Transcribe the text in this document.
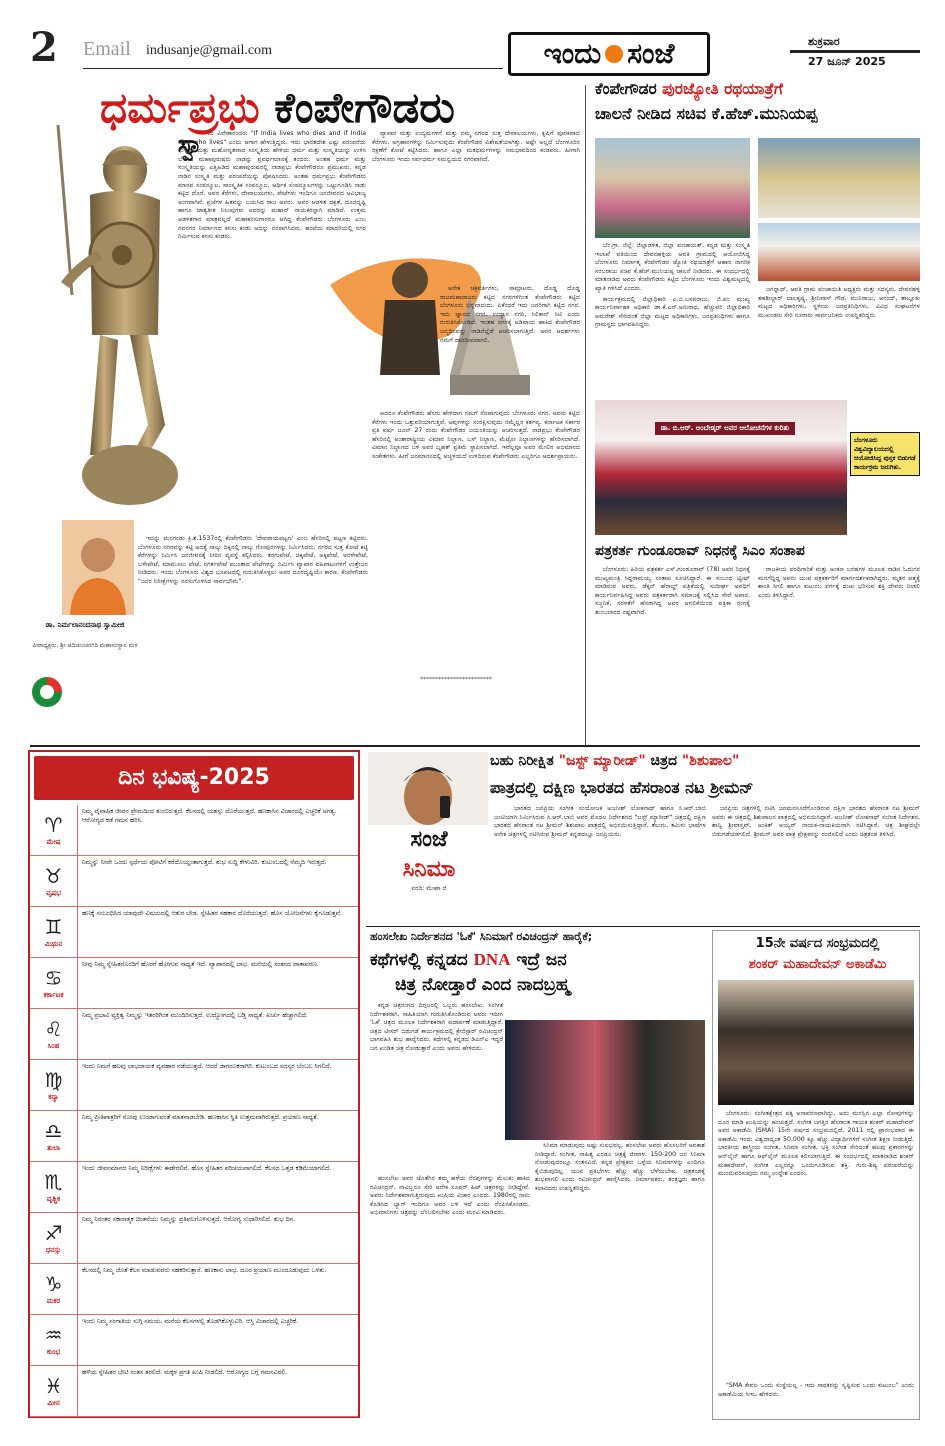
2 Email indusanje@gmail.com	ಇಂದು ಸಂಜೆ	ಶುಕ್ರವಾರ
27 ಜೂನ್ 2025
ಧರ್ಮಪ್ರಭು ಕೆಂಪೇಗೌಡರು
ಸ್ವಾ ಮಿ ವಿವೇಕಾನಂದರು "If India lives who dies and if India dies who lives" ಎಂದು ಆಗಾಗ ಹೇಳುತ್ತಿದ್ದರು. ಇದು ಭಾರತದೇಶ ಎಷ್ಟು ಪರಂಪರೆಯ ಉಳ್ಳದ್ದು ಮತ್ತು ಮಹೋನ್ನತವಾದ ಸಂಸ್ಕೃತಿಯ ಹೇಳಿಯ ಧರ್ಮ ಮತ್ತು ಸಂಸ್ಕೃತಿಯನ್ನು ಉಳಿಸಿ ಬೆಳೆಸಿದ ಮಹಾಪುರುಷರು ನಾಡನ್ನು ಪ್ರವರ್ಧಮಾನಕ್ಕೆ ತಂದರು. ಅಂತಹ ಧರ್ಮ ಮತ್ತು ಸಂಸ್ಕೃತಿಯನ್ನು ಎತ್ತಿಹಿಡಿದ ಮಹಾಪುರುಷರಲ್ಲಿ ನಾಡಪ್ರಭು ಕೆಂಪೇಗೌಡರೂ ಪ್ರಮುಖರು. ಕನ್ನಡ ನಾಡಿನ ಸಂಸ್ಕೃತಿ ಮತ್ತು ಪರಂಪರೆಯನ್ನು ಪೋಷಿಸಿದರು. ಅಂತಹ ಧರ್ಮಪ್ರಭು ಕೆಂಪೇಗೌಡರು ಮಾನವ ಸಂಪನ್ಮೂಲ, ಸಾಂಸ್ಕೃತಿಕ ಸಂಪನ್ಮೂಲ, ಆರ್ಥಿಕ ಸಂಪನ್ಮೂಲಗಳನ್ನು ಒಟ್ಟುಗೂಡಿಸಿ ನಾಡು ಕಟ್ಟಿದ ದೊರೆ. ಅವರ ಕೆರೆಗಳು, ದೇವಾಲಯಗಳು, ಪೇಟೆಗಳು ಇಂದಿಗೂ ಜನಜೀವನದ ಅವಿಭಾಜ್ಯ ಅಂಗವಾಗಿವೆ. ಪ್ರಜೆಗಳ ಹಿತವನ್ನು ಬಯಸಿದ ರಾಜ ಅವರು. ಅವರ ಆಡಳಿತ ದಕ್ಷತೆ, ದೂರದೃಷ್ಟಿ ಹಾಗೂ ಜಾತ್ಯತೀತ ನಿಲುವುಗಳು ಅವರನ್ನು ಮಹಾನ್ ನಾಯಕರನ್ನಾಗಿ ಮಾಡಿವೆ. ಉತ್ತಮ ಆಡಳಿತಗಾರ ಮಾತ್ರವಲ್ಲದೆ ಮಹಾಕನಸುಗಾರರೂ ಆಗಿದ್ದ ಕೆಂಪೇಗೌಡರು ಬೆಂಗಳೂರು ಎಂಬ ನವನಗರ ನಿರ್ಮಾಣದ ಕನಸು ಕಂಡು ಅದನ್ನು ನನಸಾಗಿಸಿದರು. ಹಂಪೆಯ ಮಾದರಿಯಲ್ಲಿ ನಗರ ನಿರ್ಮಿಸುವ ಕನಸು ಕಂಡರು.

ಇದನ್ನು ಮನಗಂಡು ಕ್ರಿ.ಶ.1537ರಲ್ಲಿ ಕೆಂಪೇಗೌಡರು 'ದೇವರಾಯಪಟ್ಟಣ' ಎಂಬ ಹೆಸರಿನಲ್ಲಿ ಪಟ್ಟಣ ಕಟ್ಟಿದರು. ಬೆಂಗಳೂರು ನಗರವನ್ನು ಕಟ್ಟಿ ಅದಕ್ಕೆ ನಾಲ್ಕು ದಿಕ್ಕಿನಲ್ಲಿ ನಾಲ್ಕು ಗೋಪುರಗಳನ್ನು ನಿರ್ಮಿಸಿದರು. ನಗರದ ಸುತ್ತ ಕೋಟೆ ಕಟ್ಟಿ ಕೆರೆಗಳನ್ನು ನಿರ್ಮಿಸಿ ಜನಜೀವನಕ್ಕೆ ನೀರಿನ ವ್ಯವಸ್ಥೆ ಕಲ್ಪಿಸಿದರು. ತರಗುಪೇಟೆ, ಚಿಕ್ಕಪೇಟೆ, ಅಕ್ಕಿಪೇಟೆ, ಅರಳೇಪೇಟೆ, ಬಳೇಪೇಟೆ, ಮಾಮೂಲು ಪೇಟೆ, ನಗರ್ತಪೇಟೆ ಮುಂತಾದ ಪೇಟೆಗಳನ್ನು ನಿರ್ಮಿಸಿ ವ್ಯಾಪಾರ ವಹಿವಾಟುಗಳಿಗೆ ಉತ್ತೇಜನ ನೀಡಿದರು. ಇಂದು ಬೆಂಗಳೂರು ವಿಶ್ವದ ಭೂಪಟದಲ್ಲಿ ಗುರುತಿಸಿಕೊಳ್ಳಲು ಅವರ ದೂರದೃಷ್ಟಿಯೇ ಕಾರಣ. ಕೆಂಪೇಗೌಡರು "ಜನರ ನಿರೀಕ್ಷೆಗಳನ್ನು ನನಸುಗೊಳಿಸಿದ ಸಾರ್ವಭೌಮ".

ವ್ಯಾಪಾರ ಮತ್ತು ಉದ್ಯಮಗಳಿಗೆ ಮತ್ತು ನಮ್ಮ ನಗರದ ಸುತ್ತ ದೇವಾಲಯಗಳು, ಕೃಷಿಗೆ ಪೂರಕವಾದ ಕೆರೆಗಳು, ಅಗ್ರಹಾರಗಳನ್ನು ನಿರ್ಮಿಸುವುದು ಕೆಂಪೇಗೌಡರ ವಿಶೇಷತೆಯಾಗಿತ್ತು. ಅಷ್ಟೇ ಅಲ್ಲದೆ ಬೆಂಗಳೂರಿನ ರಕ್ಷಣೆಗೆ ಕೋಟೆ ಕಟ್ಟಿಸಿದರು. ಹಾಗೂ ಎಲ್ಲಾ ಮತಧರ್ಮಗಳನ್ನು ಸಮಭಾವದಿಂದ ಕಂಡವರು. ಹೀಗಾಗಿ ಬೆಂಗಳೂರು ಇಂದು ಸರ್ವಧರ್ಮ ಸಮನ್ವಯದ ನಗರವಾಗಿದೆ.

ಅನೇಕ ಚಕ್ರವರ್ತಿಗಳು, ಸಾಮ್ರಾಟರು, ದೊಡ್ಡ ದೊಡ್ಡ ರಾಜಮಹಾರಾಜರು ಕಟ್ಟಿದ ನಗರಗಳಿಗಿಂತ ಕೆಂಪೇಗೌಡರು ಕಟ್ಟಿದ ಬೆಂಗಳೂರು ಭಿನ್ನವಾದುದು. ಏಕೆಂದರೆ ಇದು ಜನರಿಗಾಗಿ ಕಟ್ಟಿದ ನಗರ. ಇದು ಜ್ಞಾನದ ನಗರ, ಉದ್ಯಾನ ನಗರಿ, ಸಿಲಿಕಾನ್ ಸಿಟಿ ಎಂದು ಗುರುತಿಸಿಕೊಂಡಿದೆ. ಇಂತಹ ನಗರಕ್ಕೆ ಅಡಿಪಾಯ ಹಾಕಿದ ಕೆಂಪೇಗೌಡರ ಜನ್ಮದಿನವನ್ನು ನಾಡಿನೆಲ್ಲೆಡೆ ಆಚರಿಸಲಾಗುತ್ತಿದೆ. ಅವರ ಆದರ್ಶಗಳು ನಮಗೆ ದಾರಿದೀಪವಾಗಲಿ.

ಆದರೂ ಕೆಂಪೇಗೌಡರು ಹೆಸರು ಹೇಳಿದಾಗ ನಮಗೆ ನೆನಪಾಗುವುದು ಬೆಂಗಳೂರು ನಗರ. ಅವರು ಕಟ್ಟಿದ ಕೆರೆಗಳು ಇಂದು ಒತ್ತುವರಿಯಾಗುತ್ತಿವೆ. ಅವುಗಳನ್ನು ಸಂರಕ್ಷಿಸುವುದು ನಮ್ಮೆಲ್ಲರ ಕರ್ತವ್ಯ. ಕರ್ನಾಟಕ ಸರ್ಕಾರ ಪ್ರತಿ ವರ್ಷ ಜೂನ್ 27 ರಂದು ಕೆಂಪೇಗೌಡರ ಜಯಂತಿಯನ್ನು ಆಚರಿಸುತ್ತದೆ. ನಾಡಪ್ರಭು ಕೆಂಪೇಗೌಡರ ಹೆಸರಿನಲ್ಲಿ ಅಂತಾರಾಷ್ಟ್ರೀಯ ವಿಮಾನ ನಿಲ್ದಾಣ, ಬಸ್ ನಿಲ್ದಾಣ, ಮೆಟ್ರೋ ನಿಲ್ದಾಣಗಳನ್ನು ಹೆಸರಿಸಲಾಗಿದೆ. ವಿಮಾನ ನಿಲ್ದಾಣದ ಬಳಿ ಅವರ ಬೃಹತ್ ಪ್ರತಿಮೆ ಸ್ಥಾಪಿಸಲಾಗಿದೆ. ಇವೆಲ್ಲವೂ ಅವರ ಮೇಲಿನ ಅಭಿಮಾನದ ಸಂಕೇತಗಳು. ಹೀಗೆ ಜನಮಾನಸದಲ್ಲಿ ಅಚ್ಚಳಿಯದೆ ಉಳಿದಿರುವ ಕೆಂಪೇಗೌಡರು ಎಲ್ಲರಿಗೂ ಆದರ್ಶಪ್ರಾಯರು.

************************
ಡಾ. ನಿರ್ಮಲಾನಂದನಾಥ ಸ್ವಾಮೀಜಿ
ಪೀಠಾಧ್ಯಕ್ಷರು, ಶ್ರೀ ಆದಿಚುಂಚನಗಿರಿ ಮಹಾಸಂಸ್ಥಾನ ಮಠ
ಕೆಂಪೇಗೌಡರ ಪುರಜ್ಯೋತಿ ರಥಯಾತ್ರೆಗೆ
ಚಾಲನೆ ನೀಡಿದ ಸಚಿವ ಕೆ.ಹೆಚ್.ಮುನಿಯಪ್ಪ

ಬೆಂ.ಗ್ರಾ. ಜಿಲ್ಲೆ: ಜಿಲ್ಲಾಡಳಿತ, ಜಿಲ್ಲಾ ಪಂಚಾಯತ್, ಕನ್ನಡ ಮತ್ತು ಸಂಸ್ಕೃತಿ ಇಲಾಖೆ ವತಿಯಿಂದ ದೇವನಹಳ್ಳಿಯ ಆವತಿ ಗ್ರಾಮದಲ್ಲಿ ಆಯೋಜಿಸಿದ್ದ ಬೆಂಗಳೂರು ನಿರ್ಮಾತೃ ಕೆಂಪೇಗೌಡರ ಜ್ಯೋತಿ ರಥಯಾತ್ರೆಗೆ ಆಹಾರ ನಾಗರಿಕ ಸರಬರಾಜು ಸಚಿವ ಕೆ.ಹೆಚ್.ಮುನಿಯಪ್ಪ ಚಾಲನೆ ನೀಡಿದರು. ಈ ಸಂದರ್ಭದಲ್ಲಿ ಮಾತನಾಡಿದ ಅವರು ಕೆಂಪೇಗೌಡರು ಕಟ್ಟಿದ ಬೆಂಗಳೂರು ಇಂದು ವಿಶ್ವಮಟ್ಟದಲ್ಲಿ ಖ್ಯಾತಿ ಗಳಿಸಿದೆ ಎಂದರು.

ಕಾರ್ಯಕ್ರಮದಲ್ಲಿ ಜಿಲ್ಲಾಧಿಕಾರಿ ಎ.ಬಿ.ಬಸವರಾಜು, ಜಿ.ಪಂ ಮುಖ್ಯ ಕಾರ್ಯನಿರ್ವಾಹಕ ಅಧಿಕಾರಿ ಡಾ.ಕೆ.ಎನ್.ಅನುರಾಧ, ಹೆಚ್ಚುವರಿ ಜಿಲ್ಲಾಧಿಕಾರಿ ಅಮರೇಶ್ ಸೇರಿದಂತೆ ಜಿಲ್ಲಾ ಮಟ್ಟದ ಅಧಿಕಾರಿಗಳು, ಜನಪ್ರತಿನಿಧಿಗಳು ಹಾಗೂ ಗ್ರಾಮಸ್ಥರು ಭಾಗವಹಿಸಿದ್ದರು.

ಜಗನ್ನಾಥ್, ಆವತಿ ಗ್ರಾಮ ಪಂಚಾಯಿತಿ ಅಧ್ಯಕ್ಷರು ಮತ್ತು ಸದಸ್ಯರು, ದೇವನಹಳ್ಳಿ ತಹಶೀಲ್ದಾರ್ ಬಾಲಕೃಷ್ಣ, ಶ್ರೀನಿವಾಸ್ ಗೌಡ, ಮುನಿರಾಜು, ಆನಂದ್, ತಾಲ್ಲೂಕು ಮಟ್ಟದ ಅಧಿಕಾರಿಗಳು, ಸ್ಥಳೀಯ ಜನಪ್ರತಿನಿಧಿಗಳು, ವಿವಿಧ ಸಂಘಟನೆಗಳ ಮುಖಂಡರು ಸೇರಿ ನೂರಾರು ಸಾರ್ವಜನಿಕರು ಉಪಸ್ಥಿತರಿದ್ದರು.

ಡಾ. ಬಿ.ಆರ್. ಅಂಬೇಡ್ಕರ್ ಅವರ ಆಲೋಚನೆಗಳ ಕುರಿತು
ಬೆಂಗಳೂರು ವಿಶ್ವವಿದ್ಯಾಲಯದಲ್ಲಿ ಆಯೋಜಿಸಿದ್ದ ಪುಸ್ತಕ ಬಿಡುಗಡೆ ಕಾರ್ಯಕ್ರಮ ಜರುಗಿತು.
ಪತ್ರಕರ್ತ ಗುಂಡೂರಾವ್ ನಿಧನಕ್ಕೆ ಸಿಎಂ ಸಂತಾಪ

ಬೆಂಗಳೂರು: ಹಿರಿಯ ಪತ್ರಕರ್ತ ಎಸ್.ಗುಂಡೂರಾವ್ (78) ಅವರ ನಿಧನಕ್ಕೆ ಮುಖ್ಯಮಂತ್ರಿ ಸಿದ್ದರಾಮಯ್ಯ ಸಂತಾಪ ಸೂಚಿಸಿದ್ದಾರೆ. ಈ ಸಂಬಂಧ ಟ್ವೀಟ್ ಮಾಡಿರುವ ಅವರು, ಡೆಕ್ಕನ್ ಹೆರಾಲ್ಡ್ ಪತ್ರಿಕೆಯಲ್ಲಿ ಸುದೀರ್ಘ ಅವಧಿಗೆ ಕಾರ್ಯನಿರ್ವಹಿಸಿದ್ದ ಅವರು ಪತ್ರಕರ್ತರಾಗಿ ಸಮಾಜಕ್ಕೆ ಸಲ್ಲಿಸಿದ ಸೇವೆ ಅಪಾರ. ಸಜ್ಜನಿಕೆ, ಸರಳತೆಗೆ ಹೆಸರಾಗಿದ್ದ ಅವರ ಅಗಲಿಕೆಯಿಂದ ಪತ್ರಿಕಾ ರಂಗಕ್ಕೆ ತುಂಬಲಾರದ ನಷ್ಟವಾಗಿದೆ.

ರಾಜಕೀಯ ವರದಿಗಾರಿಕೆ ಮತ್ತು ಅಂಕಣ ಬರಹಗಳ ಮೂಲಕ ನಾಡಿನ ಓದುಗರ ಮನಗೆದ್ದಿದ್ದ ಅವರು ಯುವ ಪತ್ರಕರ್ತರಿಗೆ ಮಾರ್ಗದರ್ಶಕರಾಗಿದ್ದರು. ಮೃತರ ಆತ್ಮಕ್ಕೆ ಶಾಂತಿ ಸಿಗಲಿ ಹಾಗೂ ಕುಟುಂಬ ವರ್ಗಕ್ಕೆ ದುಃಖ ಭರಿಸುವ ಶಕ್ತಿ ದೇವರು ನೀಡಲಿ ಎಂದು ತಿಳಿಸಿದ್ದಾರೆ.

ದಿನ ಭವಿಷ್ಯ-2025
♈
ಮೇಷ
ನಿಮ್ಮ ವೈವಾಹಿಕ ಜೀವನ ಪ್ರೇಮದಿಂದ ತುಂಬಿರುತ್ತದೆ. ಕೆಲಸದಲ್ಲಿ ಯಶಸ್ಸು ದೊರೆಯುತ್ತದೆ. ಹಣಕಾಸಿನ ವಿಚಾರದಲ್ಲಿ ಎಚ್ಚರಿಕೆ ಅಗತ್ಯ. ಆರೋಗ್ಯದ ಕಡೆ ಗಮನ ಹರಿಸಿ.
♉
ವೃಷಭ
ನಿಮ್ಮನ್ನು ನೀವೇ ಒಂದು ಸ್ಪರ್ಧೆಯ ಪೋಟಿಗೆ ಕರೆದೊಯ್ದಂತಾಗುತ್ತದೆ. ಶುಭ ಸುದ್ದಿ ಕೇಳುವಿರಿ. ಕುಟುಂಬದಲ್ಲಿ ನೆಮ್ಮದಿ ಇರುತ್ತದೆ.
♊
ಮಿಥುನ
ಹಣಕ್ಕೆ ಸಂಬಂಧಿಸಿದ ಯಾವುದೇ ವಿಷಯದಲ್ಲಿ ಆತುರ ಬೇಡ. ಸ್ನೇಹಿತರ ಸಹಕಾರ ದೊರೆಯುತ್ತದೆ. ಹೊಸ ಯೋಜನೆಗಳು ಕೈಗೂಡುತ್ತವೆ.
♋
ಕರ್ಕಾಟಕ
ನೀವು ನಿಮ್ಮ ಸ್ನೇಹಿತರೊಂದಿಗೆ ಹೊರಗೆ ಹೋಗುವ ಸಾಧ್ಯತೆ ಇದೆ. ವ್ಯಾಪಾರದಲ್ಲಿ ಲಾಭ. ಮನೆಯಲ್ಲಿ ಸಂತಸದ ವಾತಾವರಣ.
♌
ಸಿಂಹ
ನಿಮ್ಮ ಪ್ರಭಾವಿ ವ್ಯಕ್ತಿತ್ವ ನಿಮ್ಮನ್ನು ಇತರರಿಗಿಂತ ಮುಂದಿರಿಸುತ್ತದೆ. ಉದ್ಯೋಗದಲ್ಲಿ ಬಡ್ತಿ ಸಾಧ್ಯತೆ. ಖರ್ಚು ಹೆಚ್ಚಾಗಲಿದೆ.
♍
ಕನ್ಯಾ
ಇಂದು ನಿಮಗೆ ಹಲವು ಲಾಭದಾಯಕ ವ್ಯವಹಾರ ನಡೆಯುತ್ತದೆ. ಆದರೆ ಜಾಗರೂಕರಾಗಿರಿ. ಕುಟುಂಬದ ಸದಸ್ಯರ ಬೆಂಬಲ ಸಿಗಲಿದೆ.
♎
ತುಲಾ
ನಿಮ್ಮ ಪ್ರೀತಿಪಾತ್ರರಿಗೆ ನೋವು ಉಂಟಾಗುವಂತೆ ಮಾತನಾಡಬೇಡಿ. ಹಣಕಾಸಿನ ಸ್ಥಿತಿ ಉತ್ತಮವಾಗಿರುತ್ತದೆ. ಪ್ರಯಾಣ ಸಾಧ್ಯತೆ.
♏
ವೃಶ್ಚಿಕ
ಇಂದು ಜೀವನಮಾನದ ನಿಮ್ಮ ನಿರೀಕ್ಷೆಗಳು ಈಡೇರಲಿವೆ. ಹೊಸ ಸ್ನೇಹಿತರ ಪರಿಚಯವಾಗಲಿದೆ. ಕೆಲಸದ ಒತ್ತಡ ಕಡಿಮೆಯಾಗಲಿದೆ.
♐
ಧನಸ್ಸು
ನಿಮ್ಮ ನಿರಂತರ ಸಕಾರಾತ್ಮಕ ಚಿಂತನೆಯು ನಿಮ್ಮನ್ನು ಪ್ರತಿಫಲಗೊಳಿಸುತ್ತದೆ. ಆರೋಗ್ಯ ಸುಧಾರಿಸಲಿದೆ. ಶುಭ ದಿನ.
♑
ಮಕರ
ಕೆಲಸದಲ್ಲಿ ನಿಮ್ಮ ಜೊತೆ ಕೆಲಸ ಮಾಡುವವರು ಸಹಕರಿಸುತ್ತಾರೆ. ಹಣಕಾಸು ಲಾಭ. ದೂರ ಪ್ರಯಾಣ ಮುಂದೂಡುವುದು ಒಳಿತು.
♒
ಕುಂಭ
ಇಂದು ನಿಮ್ಮ ಸಂಗಾತಿಯ ಸುಗ್ಗಿ ಸಮಯ. ಮನೆಯ ಕೆಲಸಗಳಲ್ಲಿ ತೊಡಗಿಕೊಳ್ಳುವಿರಿ. ಆಸ್ತಿ ವಿಚಾರದಲ್ಲಿ ಎಚ್ಚರಿಕೆ.
♓
ಮೀನ
ಹಳೆಯ ಸ್ನೇಹಿತರ ಭೇಟಿ ಸಂತಸ ತರಲಿದೆ. ಮಕ್ಕಳ ಪ್ರಗತಿ ಖುಷಿ ನೀಡಲಿದೆ. ಆರೋಗ್ಯದ ಬಗ್ಗೆ ಗಮನವಿರಲಿ.
ಬಹು ನಿರೀಕ್ಷಿತ "ಜಸ್ಟ್ ಮ್ಯಾರೀಡ್" ಚಿತ್ರದ "ಶಿಶುಪಾಲ"
ಪಾತ್ರದಲ್ಲಿ ದಕ್ಷಿಣ ಭಾರತದ ಹೆಸರಾಂತ ನಟ ಶ್ರೀಮನ್
ಸಂಜೆ
ಸಿನಿಮಾ
ವರದಿ: ಮೇಘಾ ಜಿ

ಭಾರತದ ಜನಪ್ರಿಯ ಸಂಗೀತ ಸಂಯೋಜಕ ಅಜನೀಶ್ ಲೋಕನಾಥ್ ಹಾಗೂ ಸಿ.ಆರ್.ಬಾಬಿ ಜಂಟಿಯಾಗಿ ನಿರ್ಮಿಸಿರುವ ಸಿ.ಆರ್.ಬಾಬಿ ಅವರ ಮೊದಲ ನಿರ್ದೇಶನದ "ಜಸ್ಟ್ ಮ್ಯಾರೀಡ್" ಚಿತ್ರದಲ್ಲಿ ದಕ್ಷಿಣ ಭಾರತದ ಹೆಸರಾಂತ ನಟ ಶ್ರೀಮನ್ ಶಿಶುಪಾಲ ಪಾತ್ರದಲ್ಲಿ ಅಭಿನಯಿಸುತ್ತಿದ್ದಾರೆ. ತೆಲುಗು, ತಮಿಳು ಭಾಷೆಗಳ ಅನೇಕ ಚಿತ್ರಗಳಲ್ಲಿ ನಟಿಸಿರುವ ಶ್ರೀಮನ್ ಕನ್ನಡದಲ್ಲೂ ಜನಪ್ರಿಯರು.

ಜನಪ್ರಿಯ ಚಿತ್ರಗಳಲ್ಲಿ ನಟಿಸಿ ಜನಮನಸೂರೆಗೊಂಡಿರುವ ದಕ್ಷಿಣ ಭಾರತದ ಹೆಸರಾಂತ ನಟ ಶ್ರೀಮನ್ ಅವರು ಈ ಚಿತ್ರದಲ್ಲಿ ಶಿಶುಪಾಲನ ಪಾತ್ರದಲ್ಲಿ ಅಭಿನಯಿಸಿದ್ದಾರೆ. ಅಜನೀಶ್ ಲೋಕನಾಥ್ ಸಂಗೀತ ನಿರ್ದೇಶನ, ಶಾನ್ವಿ ಶ್ರೀವಾಸ್ತವ್, ಅಂಕಿತ್ ಅಯ್ಯರ್ ನಾಯಕ-ನಾಯಕಿಯರಾಗಿ ನಟಿಸಿದ್ದಾರೆ. ಚಿತ್ರ ಶೀಘ್ರದಲ್ಲೇ ಬಿಡುಗಡೆಯಾಗಲಿದೆ. ಶ್ರೀಮನ್ ಅವರ ಪಾತ್ರ ಪ್ರೇಕ್ಷಕರನ್ನು ರಂಜಿಸಲಿದೆ ಎಂದು ಚಿತ್ರತಂಡ ತಿಳಿಸಿದೆ.

ಹಂಸಲೇಖ ನಿರ್ದೇಶನದ 'ಓಕೆ' ಸಿನಿಮಾಗೆ ರವಿಚಂದ್ರನ್ ಹಾರೈಕೆ;
ಕಥೆಗಳಲ್ಲಿ ಕನ್ನಡದ DNA ಇದ್ರೆ ಜನ
ಚಿತ್ರ ನೋಡ್ತಾರೆ ಎಂದ ನಾದಬ್ರಹ್ಮ

ಕನ್ನಡ ಚಿತ್ರರಂಗದ ದಿಗ್ಗಜರಲ್ಲಿ ಒಬ್ಬರು ಹಂಸಲೇಖ. ಸಂಗೀತ ನಿರ್ದೇಶಕರಾಗಿ, ಸಾಹಿತಿಯಾಗಿ ಗುರುತಿಸಿಕೊಂಡಿರುವ ಅವರು ಇದೀಗ 'ಓಕೆ' ಚಿತ್ರದ ಮೂಲಕ ನಿರ್ದೇಶಕರಾಗಿ ಪದಾರ್ಪಣೆ ಮಾಡುತ್ತಿದ್ದಾರೆ. ಚಿತ್ರದ ಟೀಸರ್ ಬಿಡುಗಡೆ ಕಾರ್ಯಕ್ರಮದಲ್ಲಿ ಕ್ರೇಜಿಸ್ಟಾರ್ ರವಿಚಂದ್ರನ್ ಭಾಗವಹಿಸಿ ಶುಭ ಹಾರೈಸಿದರು. ಕಥೆಗಳಲ್ಲಿ ಕನ್ನಡದ ಡಿಎನ್‌ಎ ಇದ್ದರೆ ಜನ ಖಂಡಿತ ಚಿತ್ರ ನೋಡುತ್ತಾರೆ ಎಂದು ಅವರು ಹೇಳಿದರು.

ಹಂಸಲೇಖ ಅವರ ಜೊತೆಗಿನ ತಮ್ಮ ಹಳೆಯ ನೆನಪುಗಳನ್ನು ಮೆಲುಕು ಹಾಕಿದ ರವಿಚಂದ್ರನ್, ನಾವಿಬ್ಬರೂ ಸೇರಿ ಅನೇಕ ಸೂಪರ್ ಹಿಟ್ ಚಿತ್ರಗಳನ್ನು ನೀಡಿದ್ದೇವೆ. ಅವರು ನಿರ್ದೇಶಕರಾಗುತ್ತಿರುವುದು ಖುಷಿಯ ವಿಚಾರ ಎಂದರು. 1980ರಲ್ಲಿ ನಾನು ಕೊಡಿಸಿದ ಬ್ಯಾಗ್ ಇಂದಿಗೂ ಅವರ ಬಳಿ ಇದೆ ಎಂದು ನೆನಪಿಸಿಕೊಂಡರು. ಅಭಿಮಾನಿಗಳು ಚಿತ್ರವನ್ನು ಬೆಂಬಲಿಸಬೇಕು ಎಂದು ಮನವಿ ಮಾಡಿದರು.

ಸಿನಿಮಾ ಮಾಡುವುದು ಅಷ್ಟು ಸುಲಭವಲ್ಲ. ಹಂಸಲೇಖ ಅವರು ಹೊಸಬರಿಗೆ ಅವಕಾಶ ನೀಡಿದ್ದಾರೆ. ಸಂಗೀತ, ಸಾಹಿತ್ಯ ಎರಡೂ ಚಿತ್ರಕ್ಕೆ ಜೀವಾಳ. 150-200 ಜನ ಸಿನಿಮಾ ನೋಡುವುದರಲ್ಲೂ ಸಂತಸವಿದೆ. ಕನ್ನಡ ಪ್ರೇಕ್ಷಕರು ಒಳ್ಳೆಯ ಸಿನಿಮಾಗಳನ್ನು ಎಂದಿಗೂ ಕೈಬಿಡುವುದಿಲ್ಲ. ಯುವ ಪ್ರತಿಭೆಗಳು ಹೆಚ್ಚು ಹೆಚ್ಚು ಬೆಳೆಯಬೇಕು. ಚಿತ್ರತಂಡಕ್ಕೆ ಶುಭವಾಗಲಿ ಎಂದು ರವಿಚಂದ್ರನ್ ಹಾರೈಸಿದರು. ನಿರ್ಮಾಪಕರು, ತಂತ್ರಜ್ಞರು ಹಾಗೂ ಕಲಾವಿದರು ಉಪಸ್ಥಿತರಿದ್ದರು.

15ನೇ ವರ್ಷದ ಸಂಭ್ರಮದಲ್ಲಿ
ಶಂಕರ್ ಮಹಾದೇವನ್ ಅಕಾಡೆಮಿ

ಬೆಂಗಳೂರು: ಸಂಗೀತಕ್ಷೇತ್ರದ ಪಕ್ಕ ಅನಾವರಣವಾಗಿದ್ದು, ಅದು ಮನಸ್ಸಿನ ಎಲ್ಲಾ ನೋವುಗಳನ್ನು ದೂರ ಮಾಡಿ ಖುಷಿಯನ್ನು ಹಂಚುತ್ತದೆ. ಸಂಗೀತ ಜಗತ್ತಿನ ಹೆಸರಾಂತ ಗಾಯಕ ಶಂಕರ್ ಮಹಾದೇವನ್ ಅವರ ಅಕಾಡೆಮಿ (SMA) 15ನೇ ವರ್ಷದ ಸಂಭ್ರಮದಲ್ಲಿದೆ. 2011 ರಲ್ಲಿ ಪ್ರಾರಂಭವಾದ ಈ ಅಕಾಡೆಮಿ ಇಂದು ವಿಶ್ವದಾದ್ಯಂತ 50,000 ಕ್ಕೂ ಹೆಚ್ಚು ವಿದ್ಯಾರ್ಥಿಗಳಿಗೆ ಸಂಗೀತ ಶಿಕ್ಷಣ ನೀಡುತ್ತಿದೆ. ಭಾರತೀಯ ಶಾಸ್ತ್ರೀಯ ಸಂಗೀತ, ಸಿನಿಮಾ ಸಂಗೀತ, ಭಕ್ತಿ ಸಂಗೀತ ಸೇರಿದಂತೆ ಹಲವು ಪ್ರಕಾರಗಳನ್ನು ಆನ್‌ಲೈನ್ ಹಾಗೂ ಆಫ್‌ಲೈನ್ ಮೂಲಕ ಕಲಿಸಲಾಗುತ್ತಿದೆ. ಈ ಸಂದರ್ಭದಲ್ಲಿ ಮಾತನಾಡಿದ ಶಂಕರ್ ಮಹಾದೇವನ್, ಸಂಗೀತ ಎಲ್ಲರನ್ನೂ ಒಂದುಗೂಡಿಸುವ ಶಕ್ತಿ. ಗುರು-ಶಿಷ್ಯ ಪರಂಪರೆಯನ್ನು ಮುಂದುವರಿಸುವುದು ನಮ್ಮ ಉದ್ದೇಶ ಎಂದರು.

"SMA ಕೇವಲ ಒಂದು ಸಂಸ್ಥೆಯಲ್ಲ - ಇದು ಸಾಧಕರನ್ನು ಸೃಷ್ಟಿಸುವ ಒಂದು ಕುಟುಂಬ" ಎಂದು ಅಕಾಡೆಮಿಯ ಸಿಇಒ ಹೇಳಿದರು.
